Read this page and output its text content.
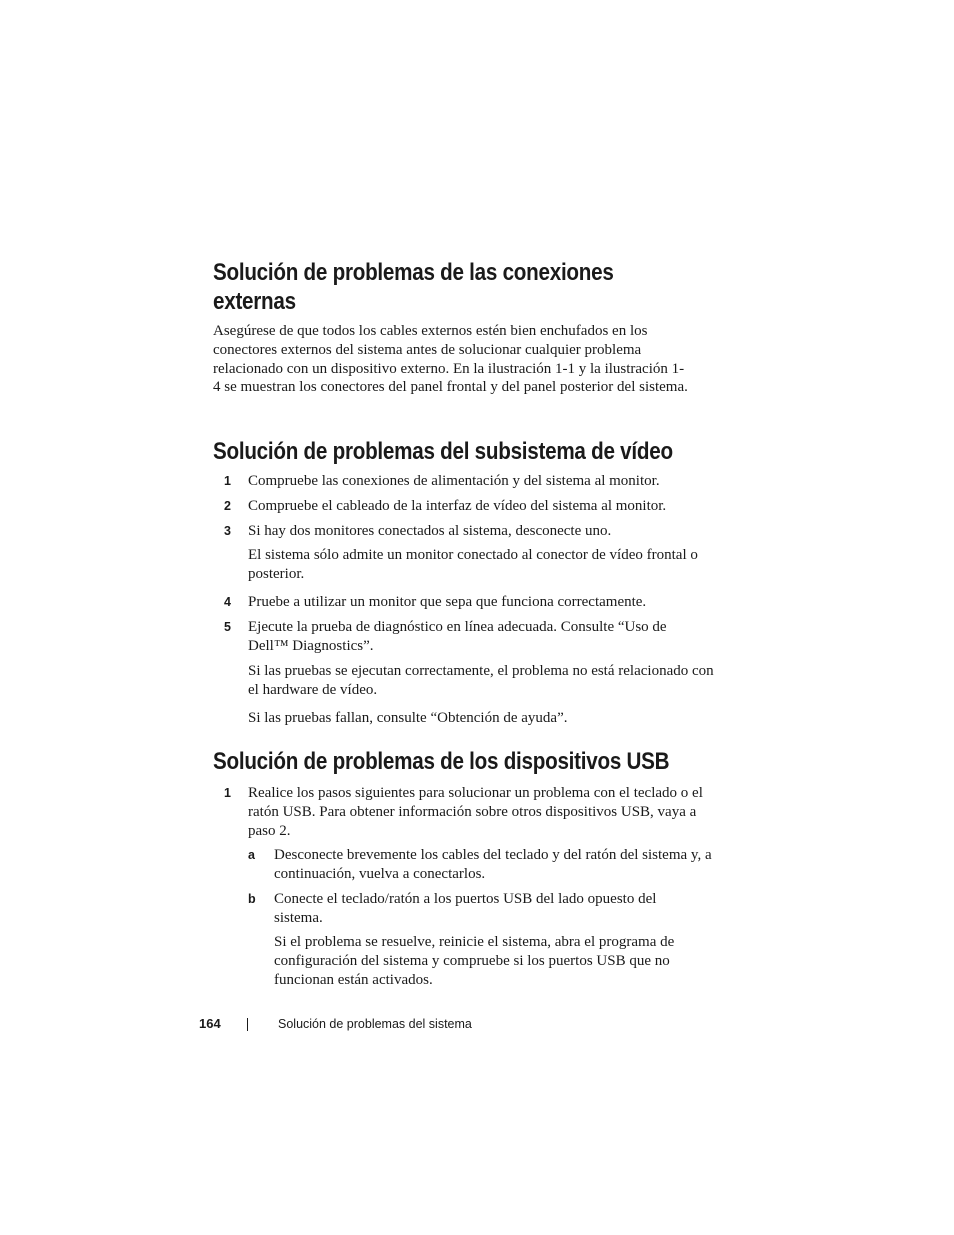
Solución de problemas de las conexiones
externas

Asegúrese de que todos los cables externos estén bien enchufados en los conectores externos del sistema antes de solucionar cualquier problema relacionado con un dispositivo externo. En la ilustración 1-1 y la ilustración 1-4 se muestran los conectores del panel frontal y del panel posterior del sistema.

Solución de problemas del subsistema de vídeo
1 Compruebe las conexiones de alimentación y del sistema al monitor.

2 Compruebe el cableado de la interfaz de vídeo del sistema al monitor.

3 Si hay dos monitores conectados al sistema, desconecte uno.

El sistema sólo admite un monitor conectado al conector de vídeo frontal o posterior.

4 Pruebe a utilizar un monitor que sepa que funciona correctamente.

5 Ejecute la prueba de diagnóstico en línea adecuada. Consulte “Uso de Dell™ Diagnostics”.

Si las pruebas se ejecutan correctamente, el problema no está relacionado con el hardware de vídeo.

Si las pruebas fallan, consulte “Obtención de ayuda”.

Solución de problemas de los dispositivos USB
1 Realice los pasos siguientes para solucionar un problema con el teclado o el ratón USB. Para obtener información sobre otros dispositivos USB, vaya a paso 2.

a Desconecte brevemente los cables del teclado y del ratón del sistema y, a continuación, vuelva a conectarlos.

b Conecte el teclado/ratón a los puertos USB del lado opuesto del sistema.

Si el problema se resuelve, reinicie el sistema, abra el programa de configuración del sistema y compruebe si los puertos USB que no funcionan están activados.

164	Solución de problemas del sistema
